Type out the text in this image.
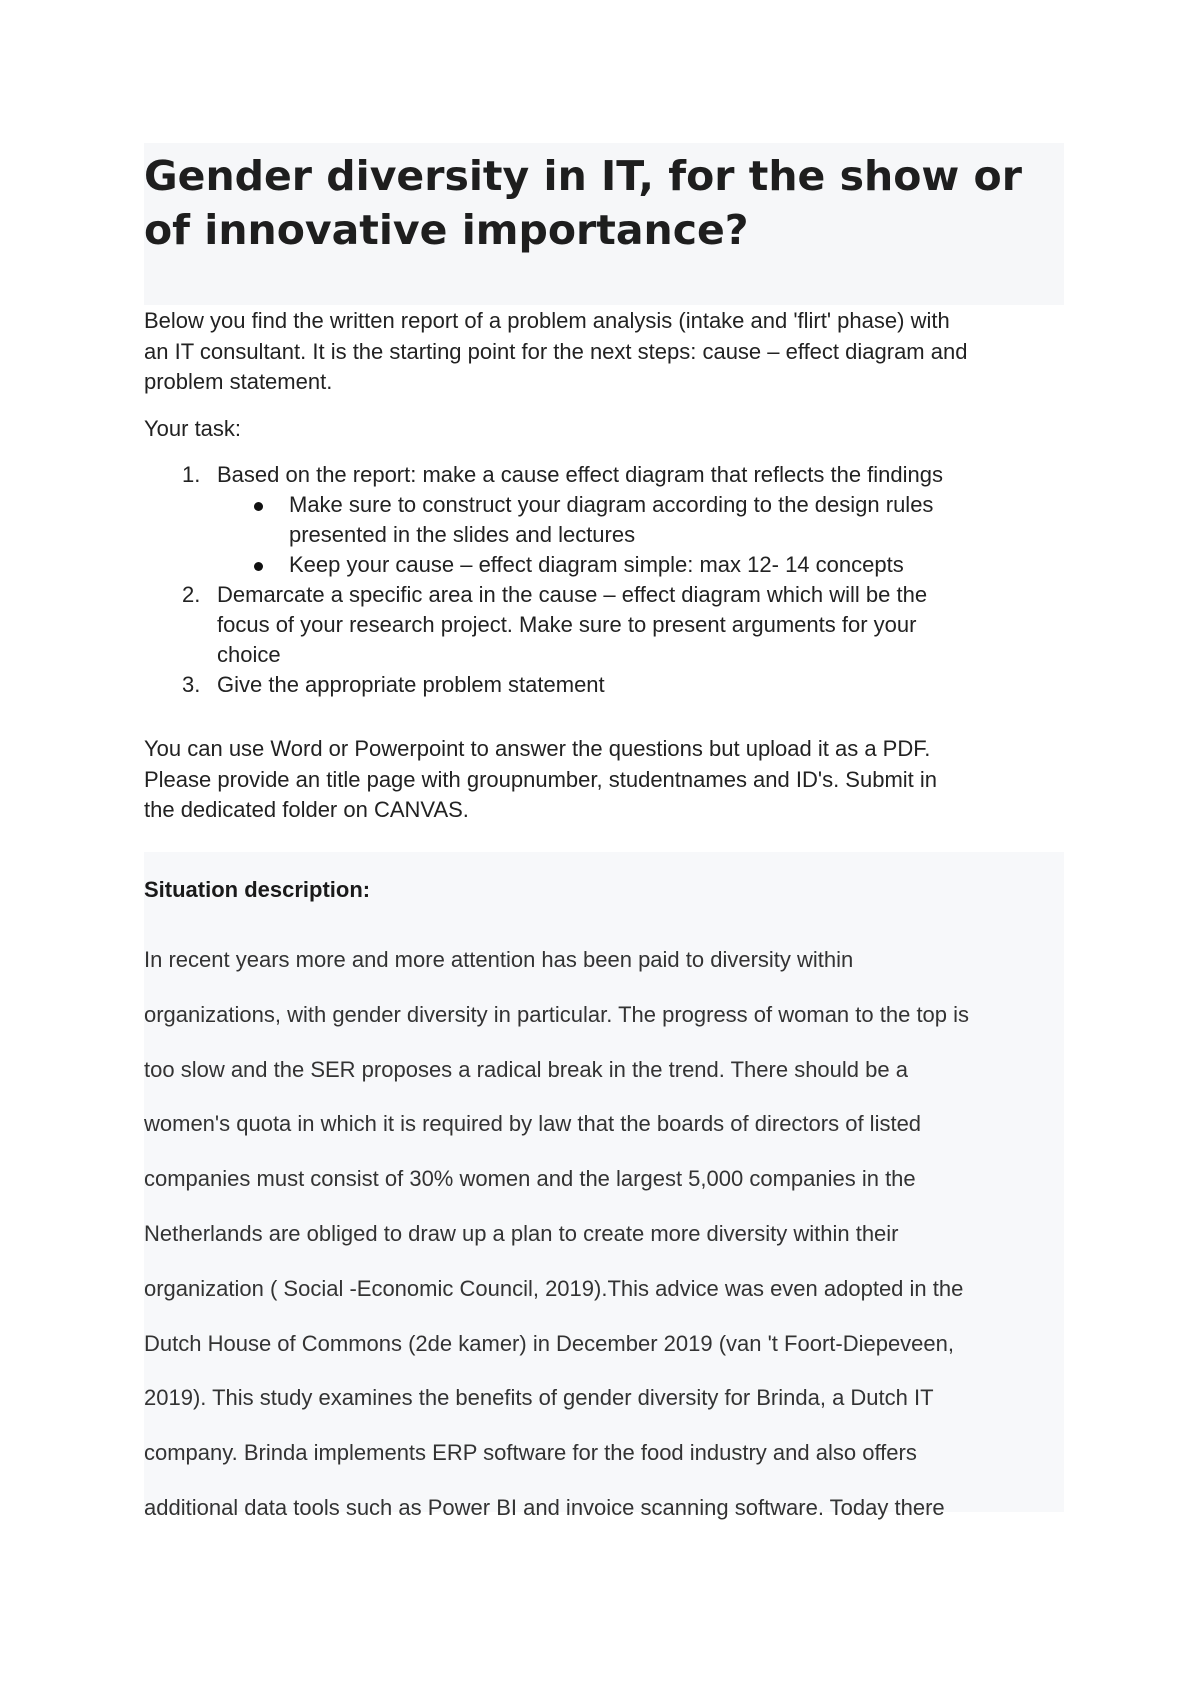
Gender diversity in IT, for the show or
of innovative importance?

Below you find the written report of a problem analysis (intake and 'flirt' phase) with
an IT consultant. It is the starting point for the next steps: cause – effect diagram and
problem statement.

Your task:
1. Based on the report: make a cause effect diagram that reflects the findings
Make sure to construct your diagram according to the design rules
presented in the slides and lectures
Keep your cause – effect diagram simple: max 12- 14 concepts
2. Demarcate a specific area in the cause – effect diagram which will be the
focus of your research project. Make sure to present arguments for your
choice
3. Give the appropriate problem statement
You can use Word or Powerpoint to answer the questions but upload it as a PDF.
Please provide an title page with groupnumber, studentnames and ID's. Submit in
the dedicated folder on CANVAS.
Situation description:
In recent years more and more attention has been paid to diversity within
organizations, with gender diversity in particular. The progress of woman to the top is
too slow and the SER proposes a radical break in the trend. There should be a
women's quota in which it is required by law that the boards of directors of listed
companies must consist of 30% women and the largest 5,000 companies in the
Netherlands are obliged to draw up a plan to create more diversity within their
organization ( Social -Economic Council, 2019).This advice was even adopted in the
Dutch House of Commons (2de kamer) in December 2019 (van 't Foort-Diepeveen,
2019). This study examines the benefits of gender diversity for Brinda, a Dutch IT
company. Brinda implements ERP software for the food industry and also offers
additional data tools such as Power BI and invoice scanning software. Today there
